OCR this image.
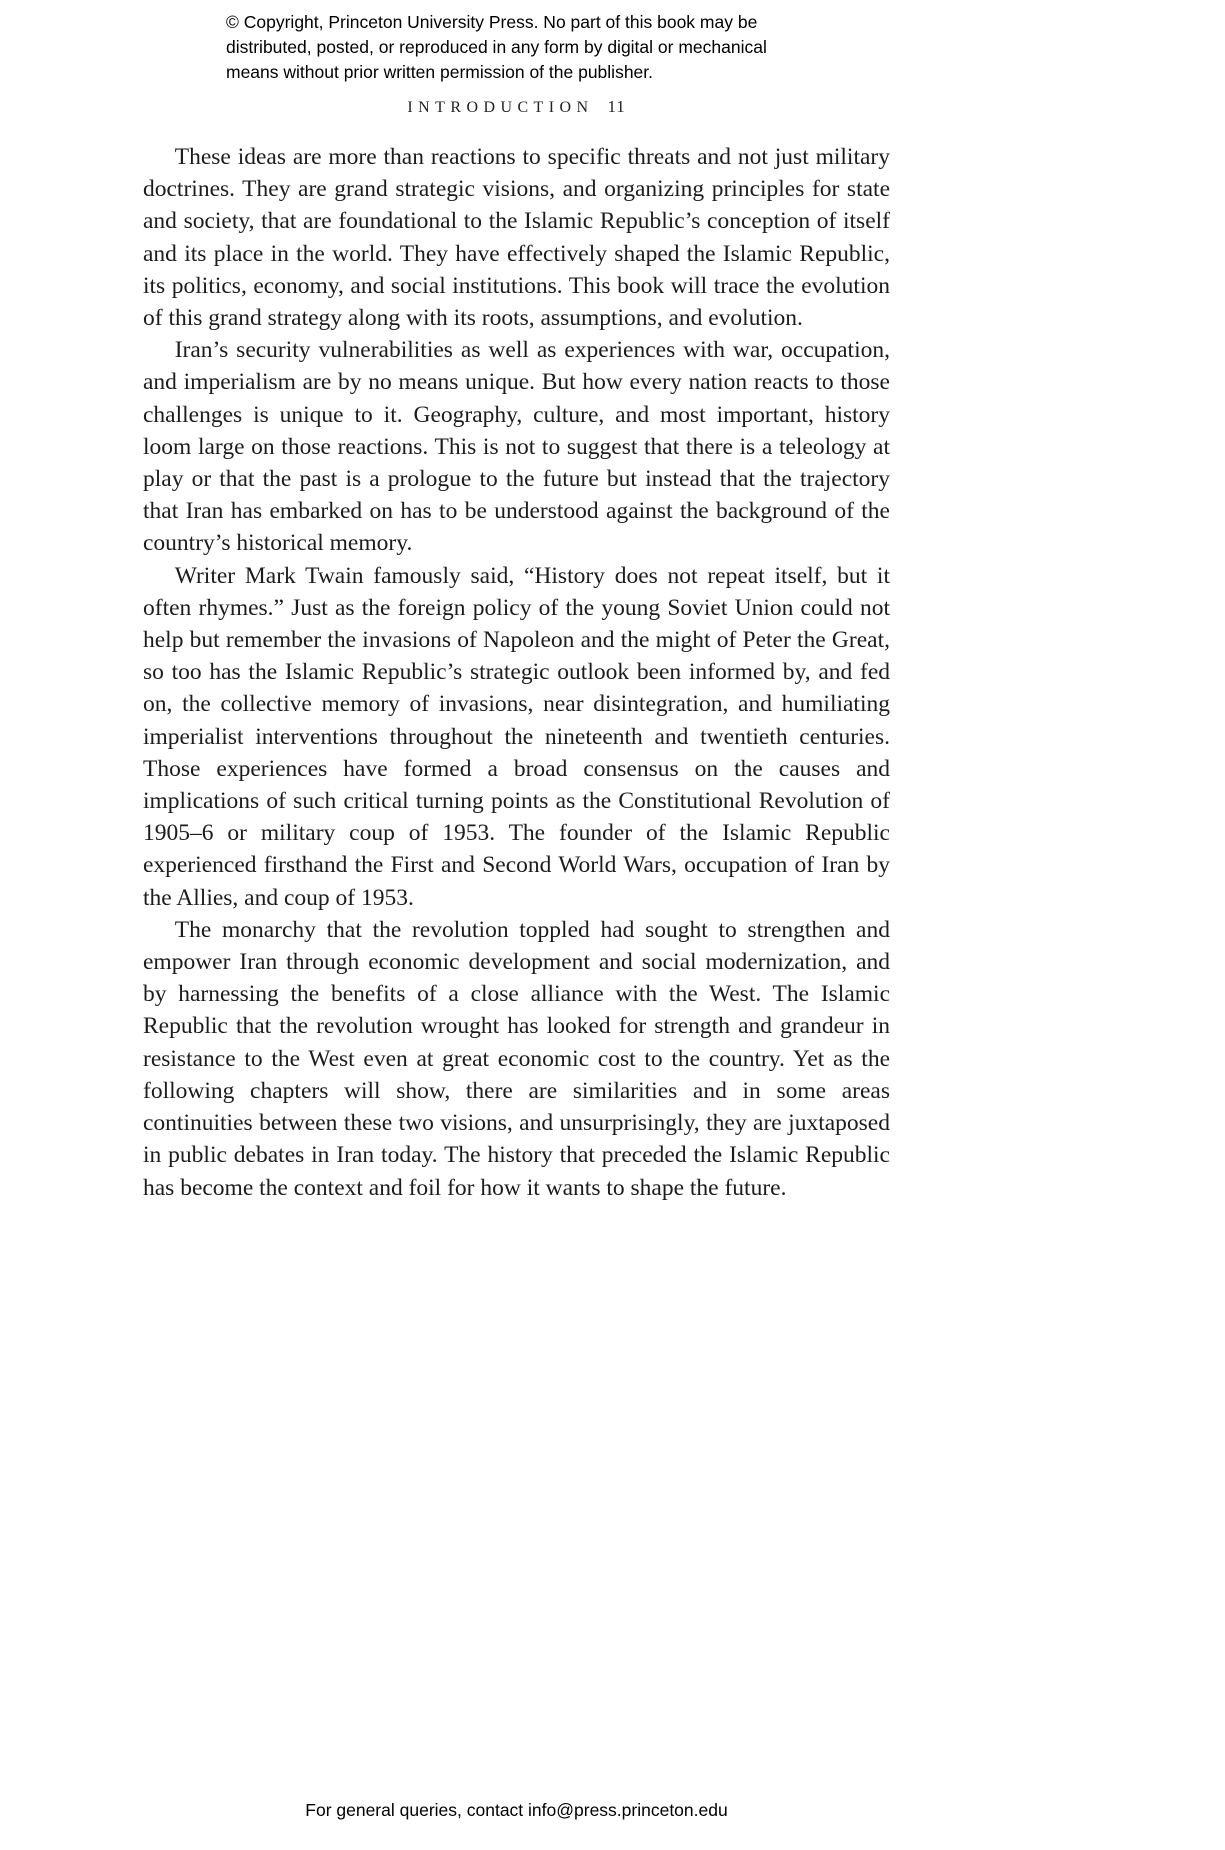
© Copyright, Princeton University Press. No part of this book may be
distributed, posted, or reproduced in any form by digital or mechanical
means without prior written permission of the publisher.
INTRODUCTION 11

These ideas are more than reactions to specific threats and not just military doctrines. They are grand strategic visions, and organizing principles for state and society, that are foundational to the Islamic Republic’s conception of itself and its place in the world. They have effectively shaped the Islamic Republic, its politics, economy, and social institutions. This book will trace the evolution of this grand strategy along with its roots, assumptions, and evolution.

Iran’s security vulnerabilities as well as experiences with war, occupation, and imperialism are by no means unique. But how every nation reacts to those challenges is unique to it. Geography, culture, and most important, history loom large on those reactions. This is not to suggest that there is a teleology at play or that the past is a prologue to the future but instead that the trajectory that Iran has embarked on has to be understood against the background of the country’s historical memory.

Writer Mark Twain famously said, “History does not repeat itself, but it often rhymes.” Just as the foreign policy of the young Soviet Union could not help but remember the invasions of Napoleon and the might of Peter the Great, so too has the Islamic Republic’s strategic outlook been informed by, and fed on, the collective memory of invasions, near disintegration, and humiliating imperialist interventions throughout the nineteenth and twentieth centuries. Those experiences have formed a broad consensus on the causes and implications of such critical turning points as the Constitutional Revolution of 1905–6 or military coup of 1953. The founder of the Islamic Republic experienced firsthand the First and Second World Wars, occupation of Iran by the Allies, and coup of 1953.

The monarchy that the revolution toppled had sought to strengthen and empower Iran through economic development and social modernization, and by harnessing the benefits of a close alliance with the West. The Islamic Republic that the revolution wrought has looked for strength and grandeur in resistance to the West even at great economic cost to the country. Yet as the following chapters will show, there are similarities and in some areas continuities between these two visions, and unsurprisingly, they are juxtaposed in public debates in Iran today. The history that preceded the Islamic Republic has become the context and foil for how it wants to shape the future.

For general queries, contact info@press.princeton.edu
